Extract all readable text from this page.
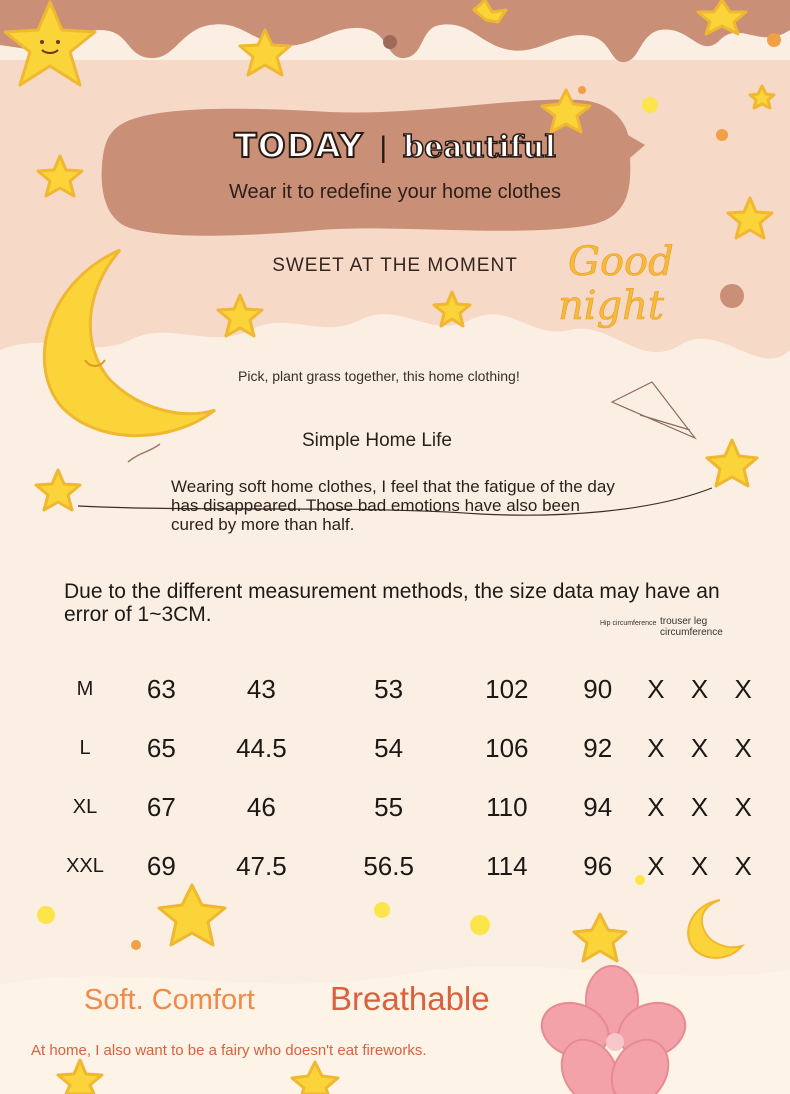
TODAY | beautiful
Wear it to redefine your home clothes
SWEET AT THE MOMENT	Good
night
Pick, plant grass together, this home clothing!
Simple Home Life
Wearing soft home clothes, I feel that the fatigue of the day has disappeared. Those bad emotions have also been cured by more than half.
Due to the different measurement methods, the size data may have an error of 1~3CM.	Hip circumference trouser leg circumference
M	63	43	53	102	90	X	X	X
L	65	44.5	54	106	92	X	X	X
XL	67	46	55	110	94	X	X	X
XXL	69	47.5	56.5	114	96	X	X	X
Soft. Comfort Breathable
At home, I also want to be a fairy who doesn't eat fireworks.
